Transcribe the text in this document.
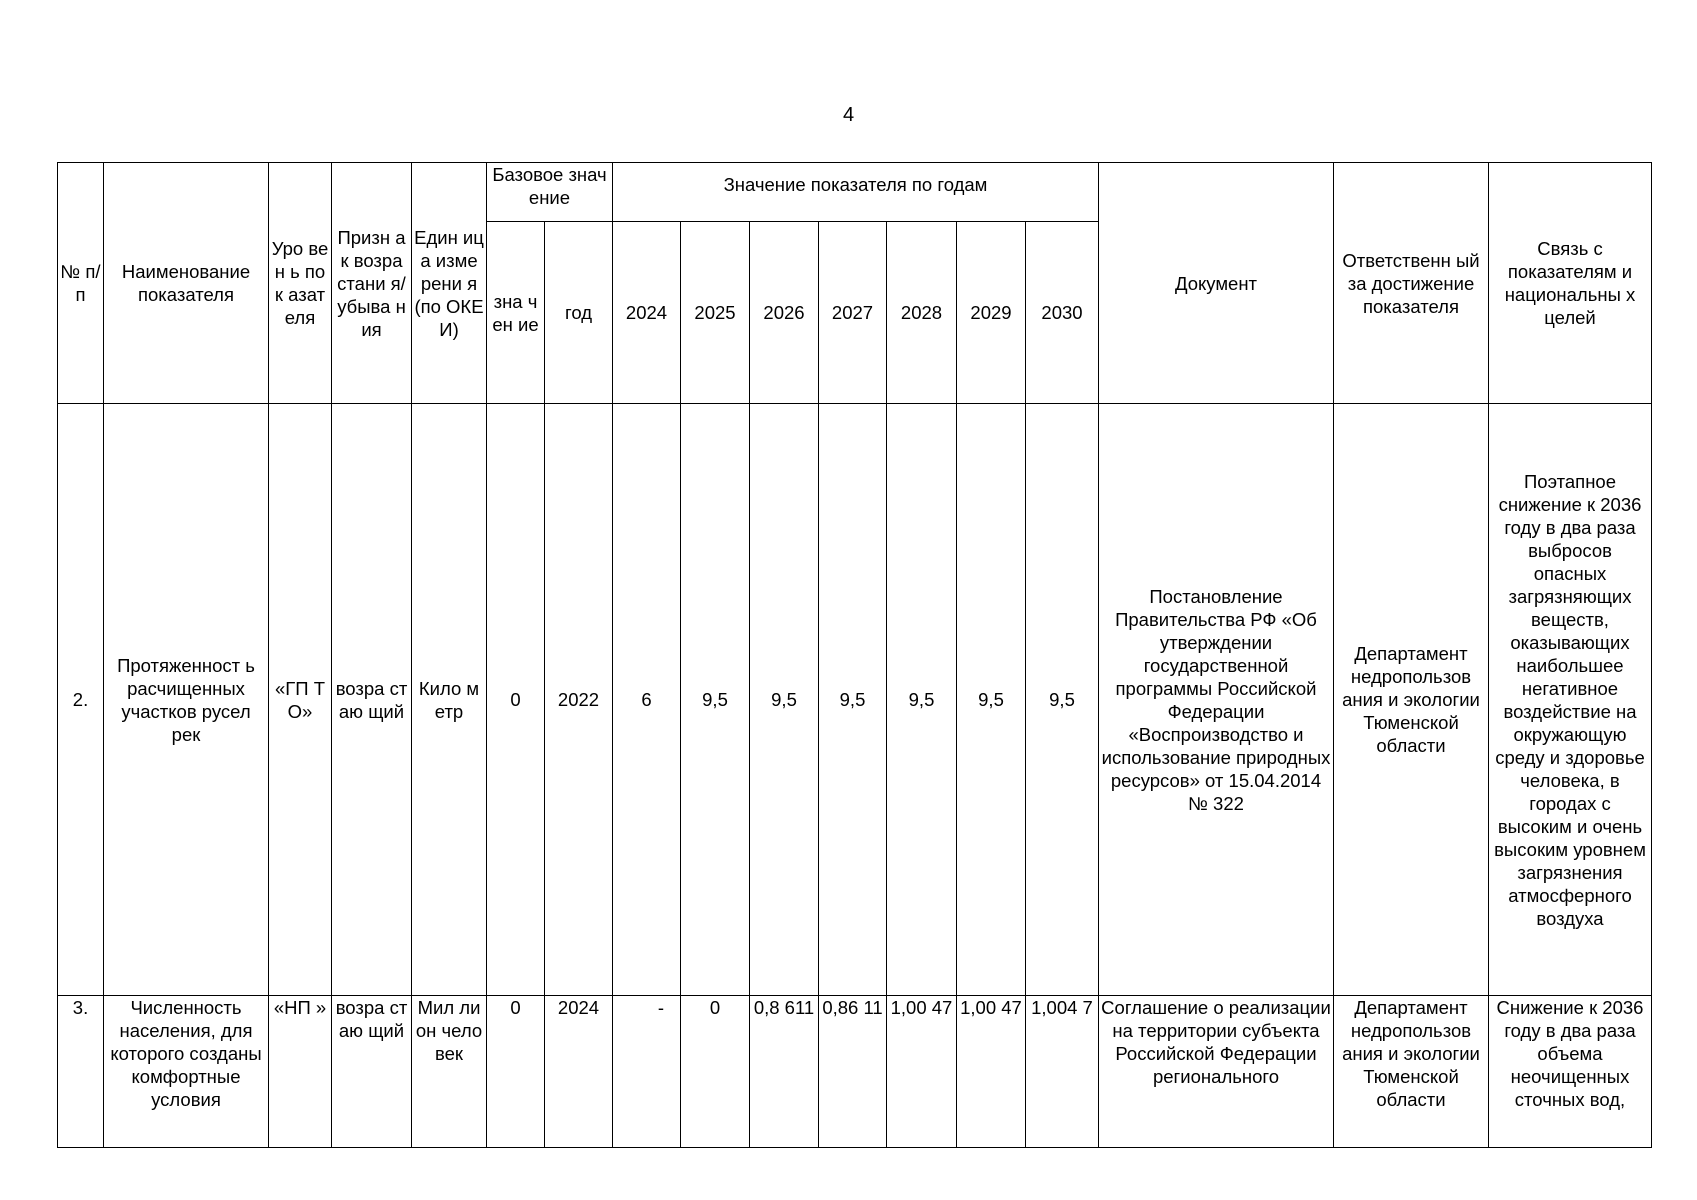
4
№ п/ п	Наименование показателя	Уро вен ь пок азат еля	Призн ак возра стани я/ убыва ния	Един ица изме рени я (по ОКЕ И)	Базовое значение		Значение показателя по годам							Документ	Ответственн ый за достижение показателя	Связь с показателям и национальны х целей
					зна чен ие	год	2024	2025	2026	2027	2028	2029	2030			
2.	Протяженност ь расчищенных участков русел рек	«ГП ТО»	возра стаю щий	Кило метр	0	2022	6	9,5	9,5	9,5	9,5	9,5	9,5	Постановление Правительства РФ «Об утверждении государственной программы Российской Федерации «Воспроизводство и использование природных ресурсов» от 15.04.2014 № 322	Департамент недропользов ания и экологии Тюменской области	Поэтапное снижение к 2036 году в два раза выбросов опасных загрязняющих веществ, оказывающих наибольшее негативное воздействие на окружающую среду и здоровье человека, в городах с высоким и очень высоким уровнем загрязнения атмосферного воздуха
3.	Численность населения, для которого созданы комфортные условия	«НП »	возра стаю щий	Мил лион чело век	0	2024	-	0	0,8 611	0,86 11	1,00 47	1,00 47	1,004 7	Соглашение о реализации на территории субъекта Российской Федерации регионального	Департамент недропользов ания и экологии Тюменской области	Снижение к 2036 году в два раза объема неочищенных сточных вод,
